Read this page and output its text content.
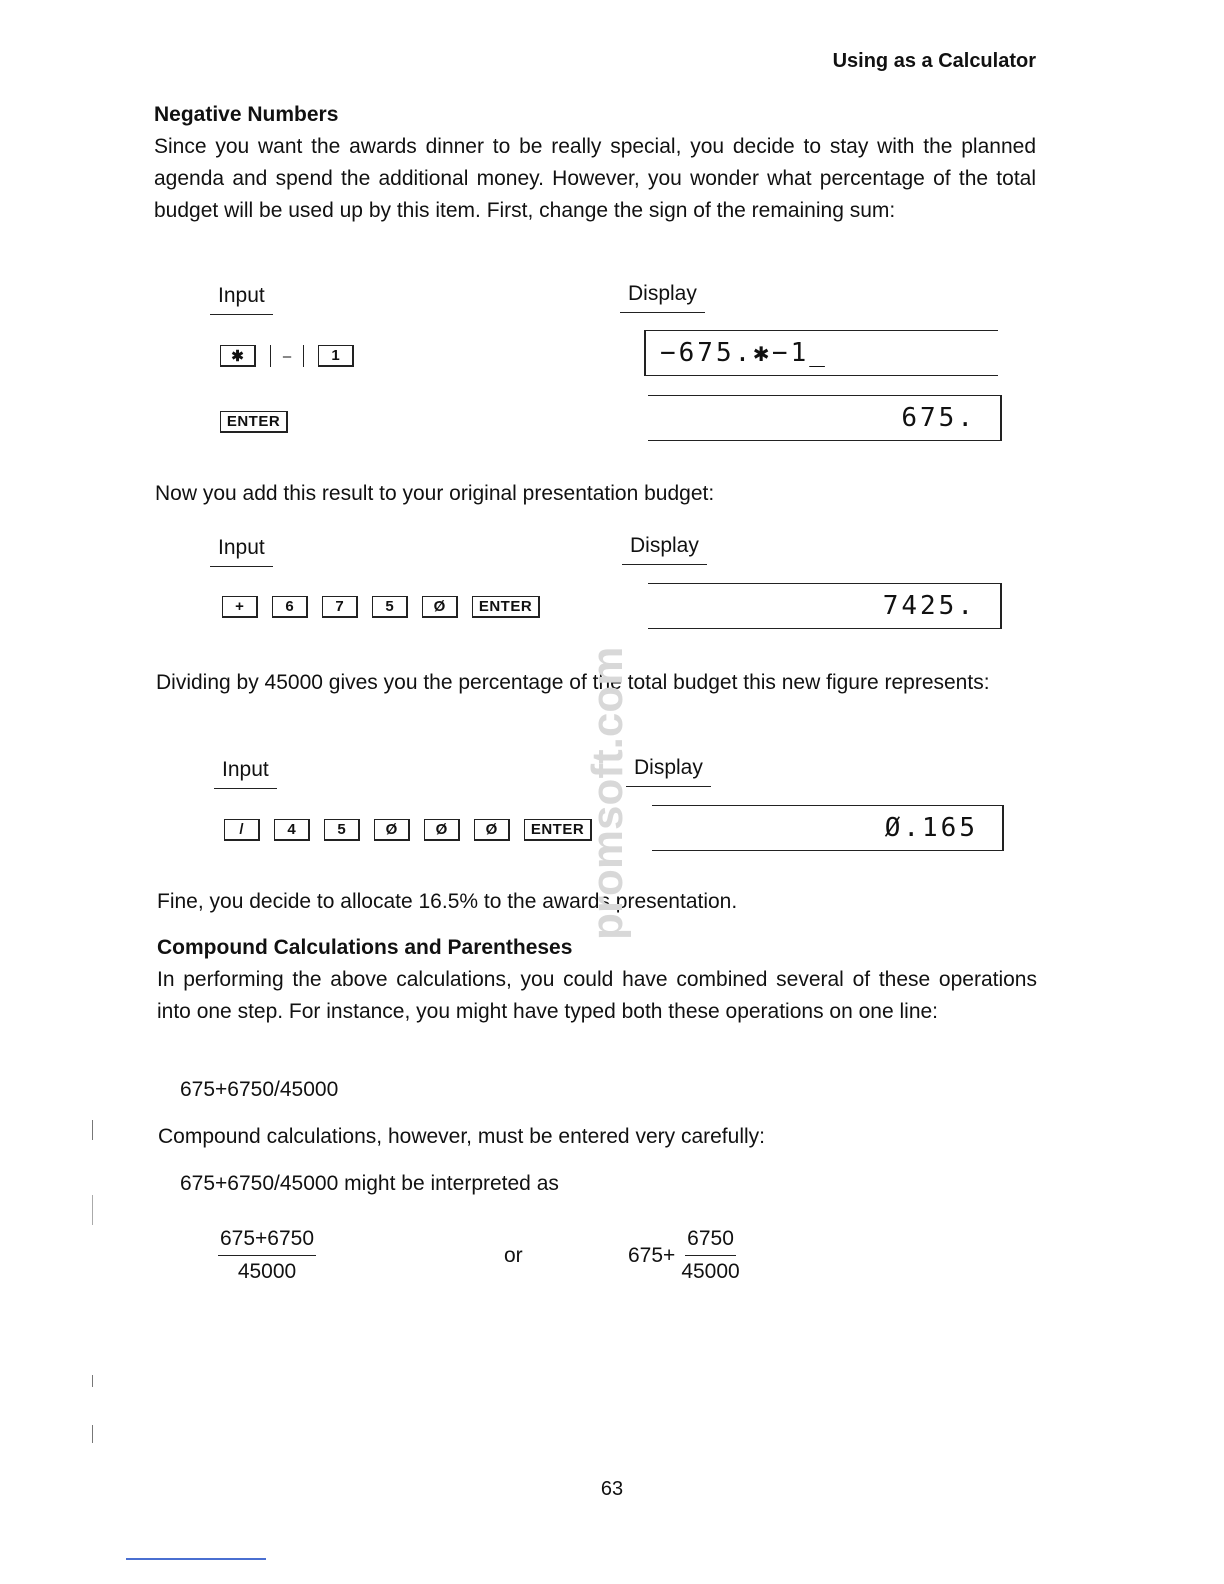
Using as a Calculator
Negative Numbers
Since you want the awards dinner to be really special, you decide to stay with the planned agenda and spend the additional money. However, you wonder what percentage of the total budget will be used up by this item. First, change the sign of the remaining sum:
Input	Display
✱	–	1	−675.✱−1_
ENTER	675.
Now you add this result to your original presentation budget:
Input	Display
+	6	7	5	Ø ENTER	7425.
Dividing by 45000 gives you the percentage of the total budget this new figure represents:
Input	Display
/	4	5	Ø	Ø	Ø ENTER	Ø.165
Fine, you decide to allocate 16.5% to the awards presentation.
Compound Calculations and Parentheses
In performing the above calculations, you could have combined several of these operations into one step. For instance, you might have typed both these operations on one line:
675+6750/45000
Compound calculations, however, must be entered very carefully:
675+6750/45000 might be interpreted as
$\frac{675+6750}{45000}$	or	$675+ \frac{6750}{45000}$
promsoft.com
63
